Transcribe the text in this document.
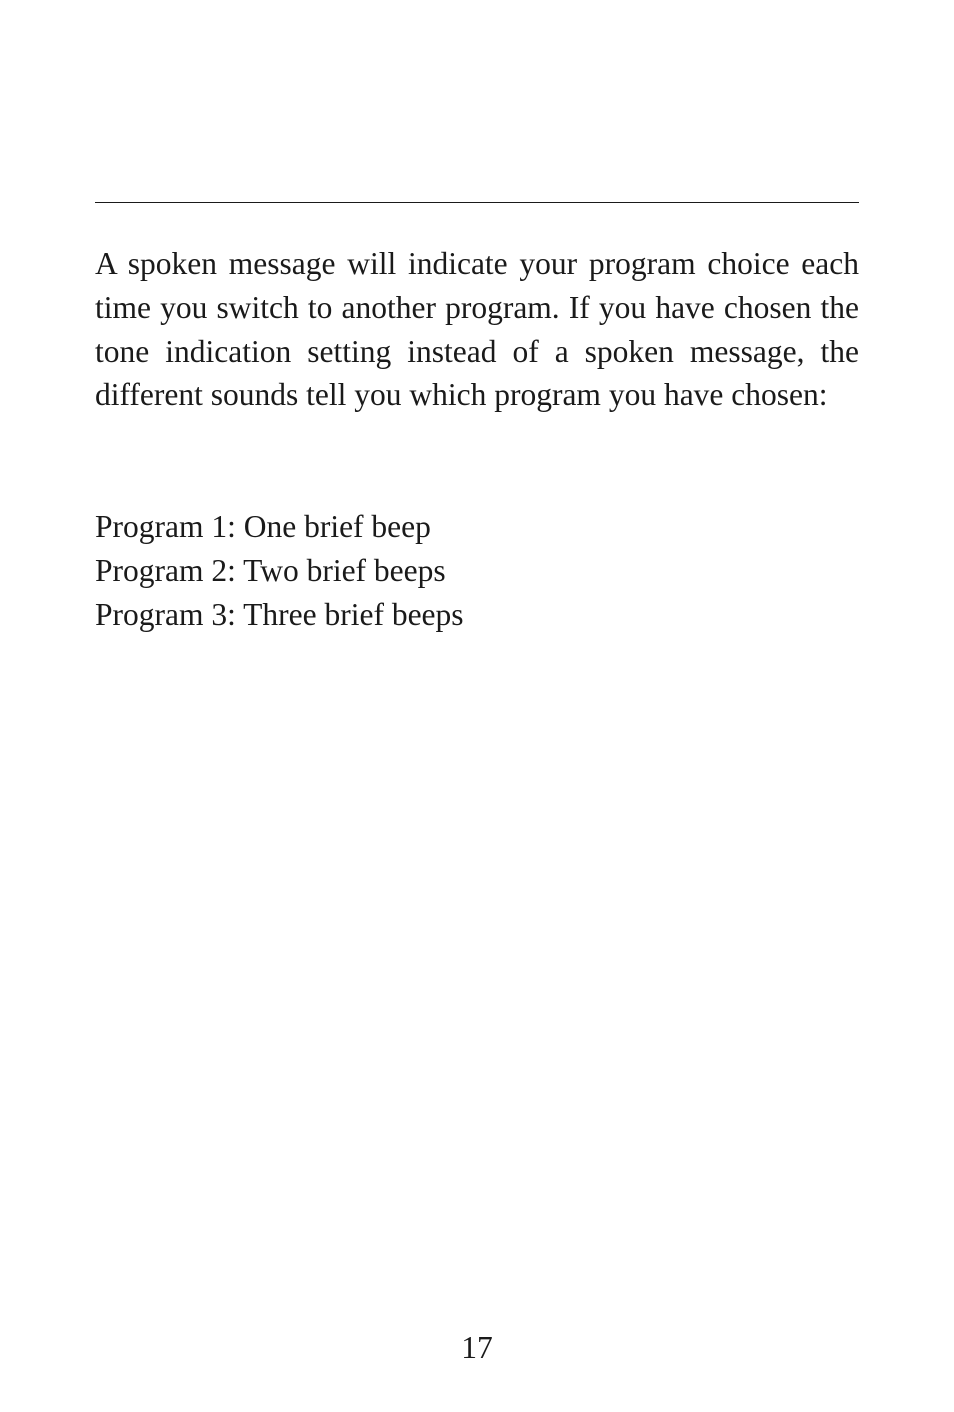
A spoken message will indicate your program choice each time you switch to another program. If you have chosen the tone indication setting instead of a spoken message, the different sounds tell you which program you have chosen:

Program 1: One brief beep
Program 2: Two brief beeps
Program 3: Three brief beeps
17
